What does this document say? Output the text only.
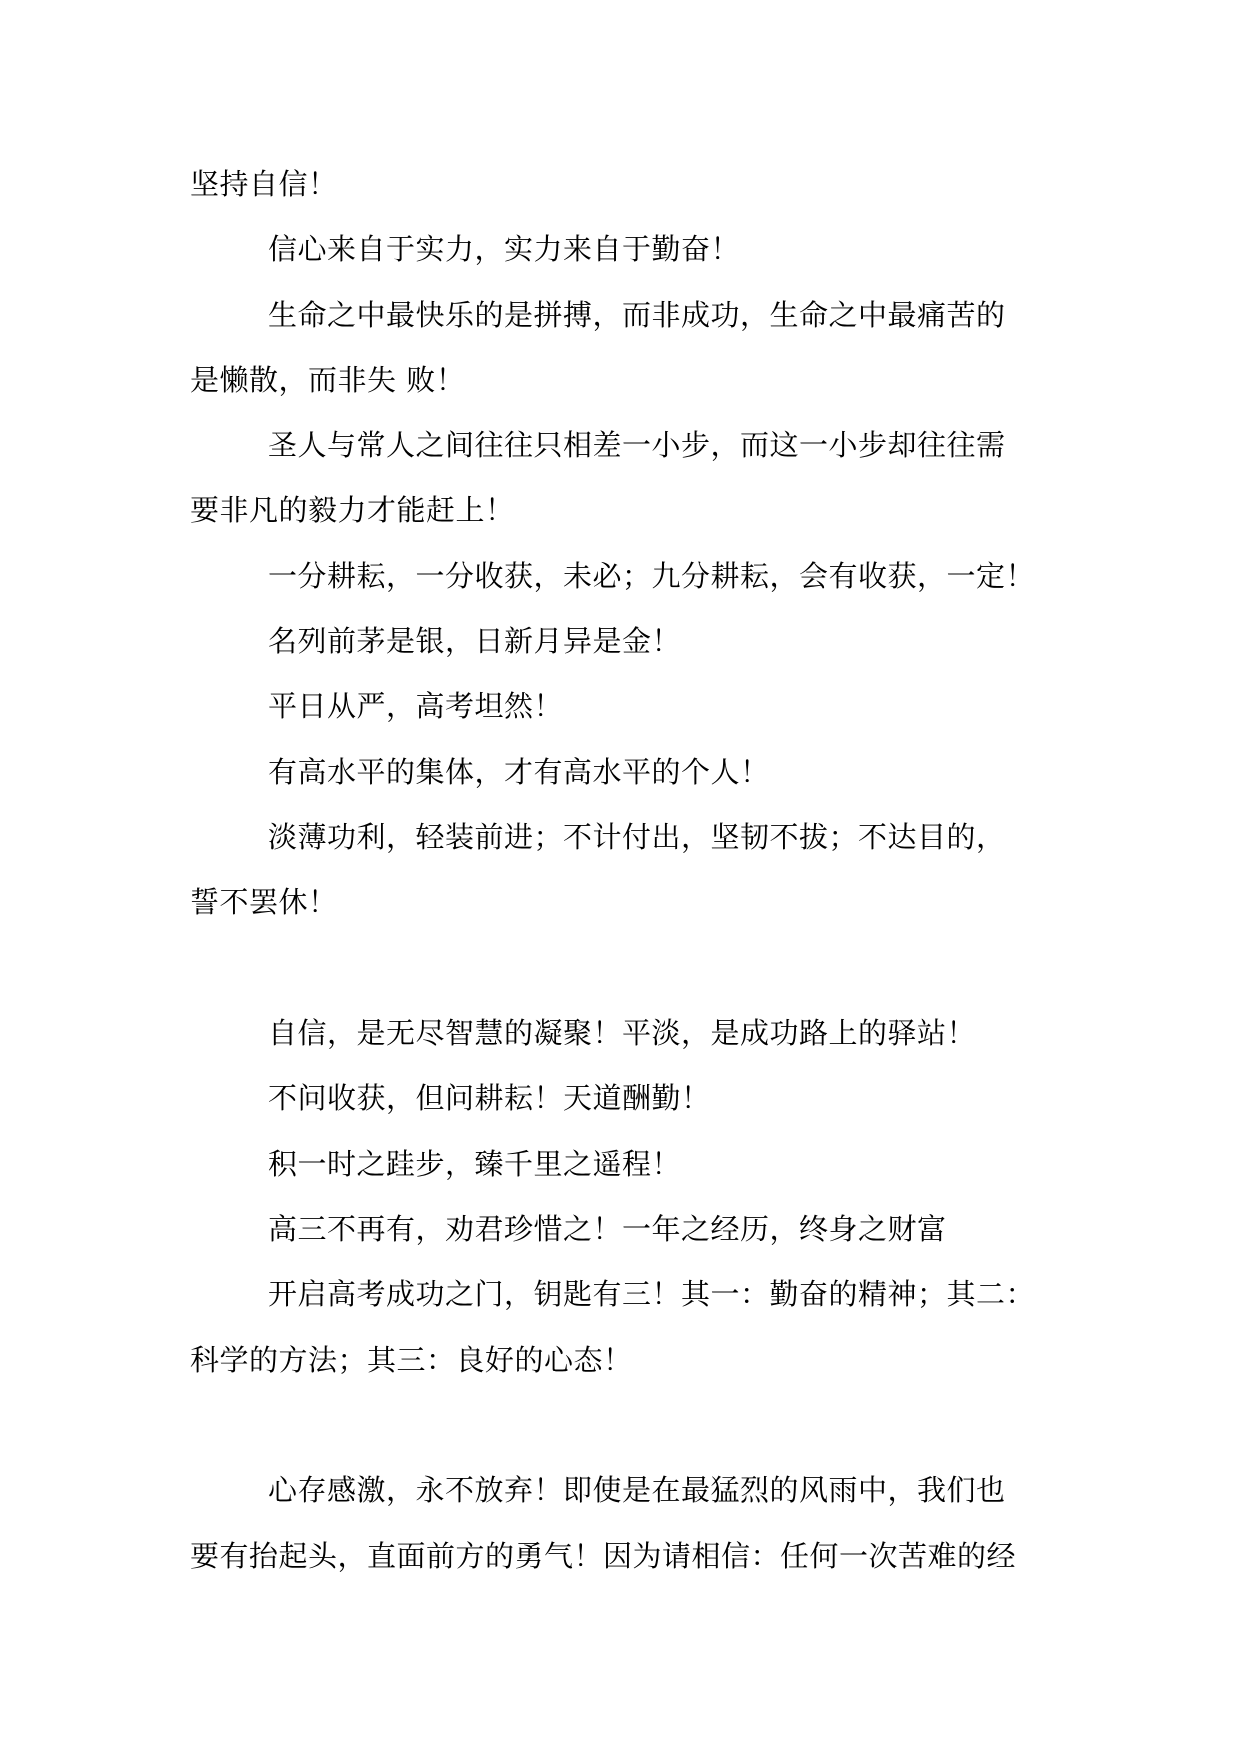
坚持自信！
信心来自于实力，实力来自于勤奋！
生命之中最快乐的是拼搏，而非成功，生命之中最痛苦的
是懒散，而非失 败！
圣人与常人之间往往只相差一小步，而这一小步却往往需
要非凡的毅力才能赶上！
一分耕耘，一分收获，未必；九分耕耘，会有收获，一定！
名列前茅是银，日新月异是金！
平日从严，高考坦然！
有高水平的集体，才有高水平的个人！
淡薄功利，轻装前进；不计付出，坚韧不拔；不达目的，
誓不罢休！
自信，是无尽智慧的凝聚！平淡，是成功路上的驿站！
不问收获，但问耕耘！天道酬勤！
积一时之跬步，臻千里之遥程！
高三不再有，劝君珍惜之！一年之经历，终身之财富
开启高考成功之门，钥匙有三！其一：勤奋的精神；其二：
科学的方法；其三：良好的心态！
心存感激，永不放弃！即使是在最猛烈的风雨中，我们也
要有抬起头，直面前方的勇气！因为请相信：任何一次苦难的经
